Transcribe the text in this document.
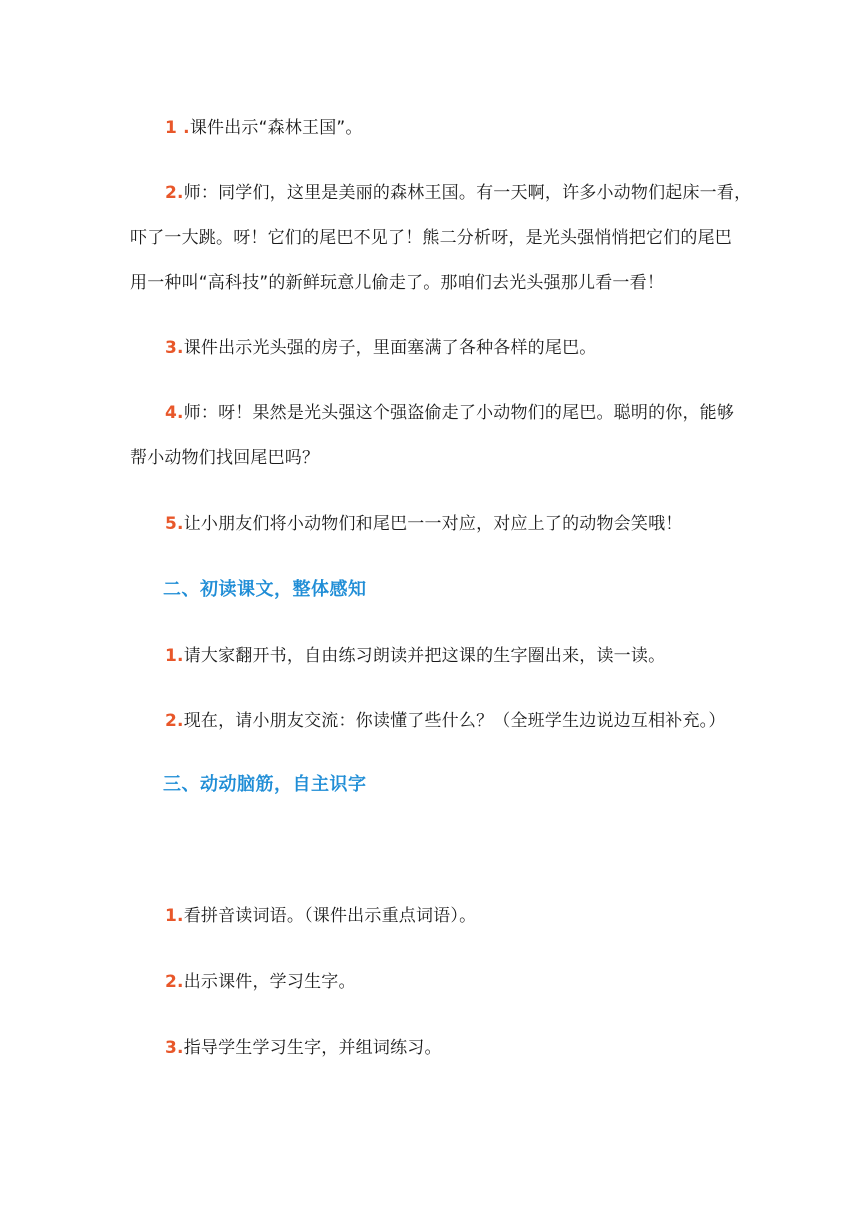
1 .课件出示“森林王国”。
2.师：同学们，这里是美丽的森林王国。有一天啊，许多小动物们起床一看，
吓了一大跳。呀！它们的尾巴不见了！熊二分析呀，是光头强悄悄把它们的尾巴
用一种叫“高科技”的新鲜玩意儿偷走了。那咱们去光头强那儿看一看！
3.课件出示光头强的房子，里面塞满了各种各样的尾巴。
4.师：呀！果然是光头强这个强盗偷走了小动物们的尾巴。聪明的你，能够
帮小动物们找回尾巴吗？
5.让小朋友们将小动物们和尾巴一一对应，对应上了的动物会笑哦！
二、初读课文，整体感知
1.请大家翻开书，自由练习朗读并把这课的生字圈出来，读一读。
2.现在，请小朋友交流：你读懂了些什么？（全班学生边说边互相补充。）
三、动动脑筋，自主识字
1.看拼音读词语。（课件出示重点词语）。
2.出示课件，学习生字。
3.指导学生学习生字，并组词练习。
